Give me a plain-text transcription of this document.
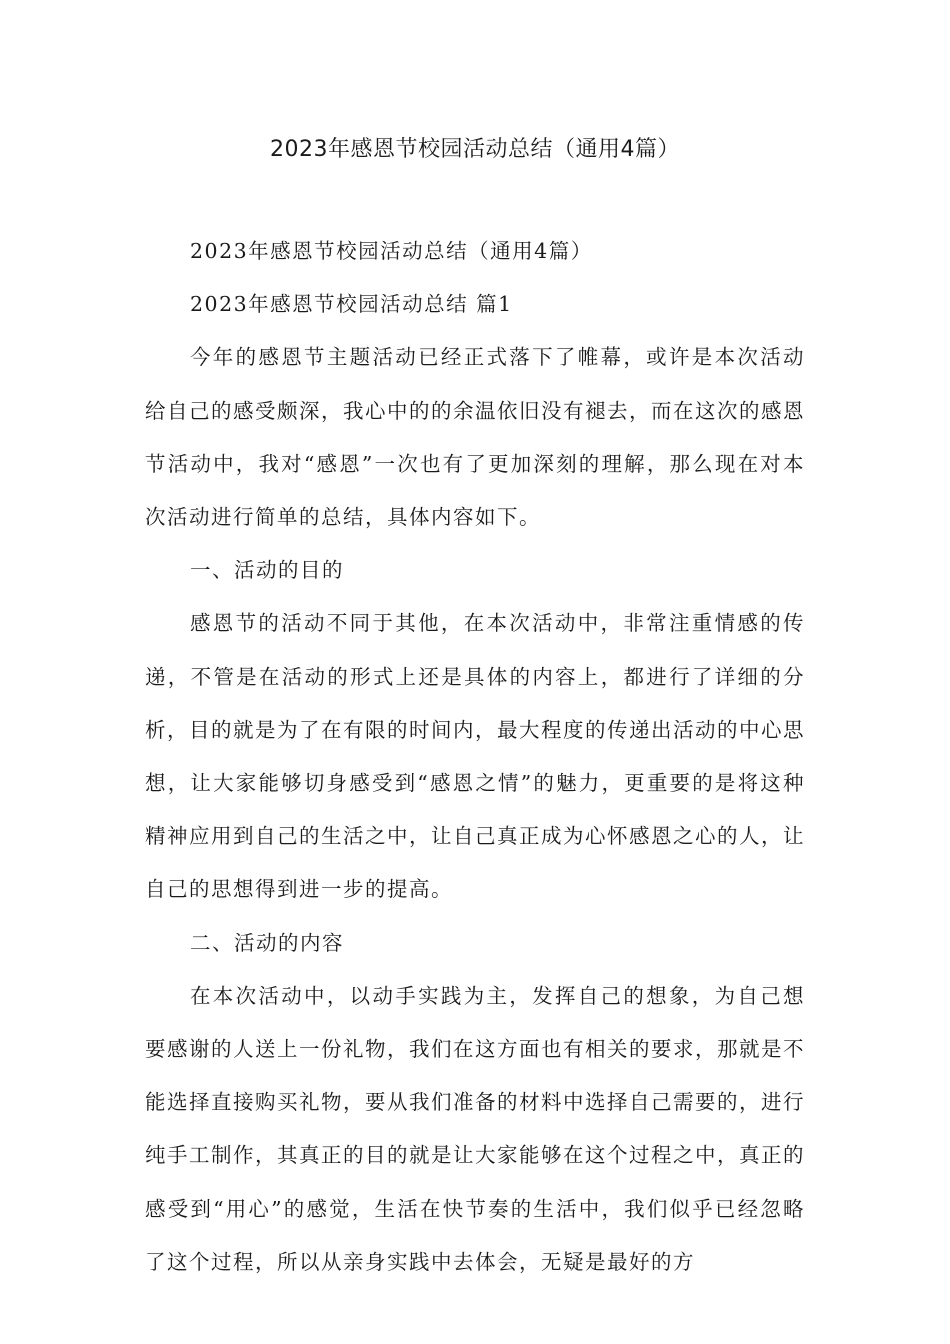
2023年感恩节校园活动总结（通用4篇）

2023年感恩节校园活动总结（通用4篇）

2023年感恩节校园活动总结 篇1

今年的感恩节主题活动已经正式落下了帷幕，或许是本次活动给自己的感受颇深，我心中的的余温依旧没有褪去，而在这次的感恩节活动中，我对“感恩”一次也有了更加深刻的理解，那么现在对本次活动进行简单的总结，具体内容如下。

一、活动的目的

感恩节的活动不同于其他，在本次活动中，非常注重情感的传递，不管是在活动的形式上还是具体的内容上，都进行了详细的分析，目的就是为了在有限的时间内，最大程度的传递出活动的中心思想，让大家能够切身感受到“感恩之情”的魅力，更重要的是将这种精神应用到自己的生活之中，让自己真正成为心怀感恩之心的人，让自己的思想得到进一步的提高。

二、活动的内容

在本次活动中，以动手实践为主，发挥自己的想象，为自己想要感谢的人送上一份礼物，我们在这方面也有相关的要求，那就是不能选择直接购买礼物，要从我们准备的材料中选择自己需要的，进行纯手工制作，其真正的目的就是让大家能够在这个过程之中，真正的感受到“用心”的感觉，生活在快节奏的生活中，我们似乎已经忽略了这个过程，所以从亲身实践中去体会，无疑是最好的方
